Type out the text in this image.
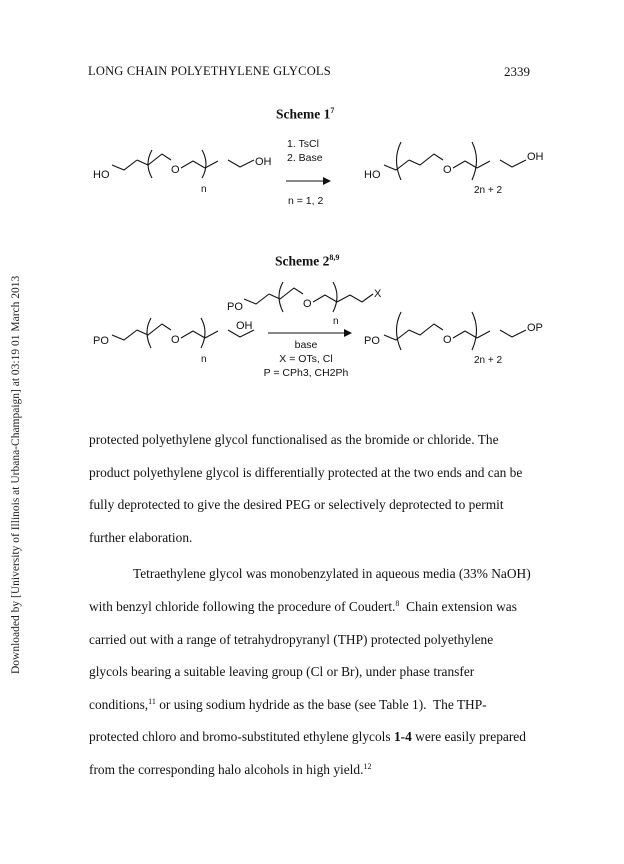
LONG CHAIN POLYETHYLENE GLYCOLS	2339
Downloaded by [University of Illinois at Urbana-Champaign] at 03:19 01 March 2013
Scheme $1^7$
HO	O
OH
n
1. TsCl
2. Base
n = 1, 2
HO	O
OH
2n + 2
Scheme 2$^{8,9}$
PO	O
X
n
PO	O
OH
n
base
X = OTs, Cl
P = CPh3, CH2Ph
PO	O
OP
2n + 2

protected polyethylene glycol functionalised as the bromide or chloride. The

product polyethylene glycol is differentially protected at the two ends and can be

fully deprotected to give the desired PEG or selectively deprotected to permit

further elaboration.

Tetraethylene glycol was monobenzylated in aqueous media (33% NaOH)

with benzyl chloride following the procedure of Coudert.$^8$  Chain extension was

carried out with a range of tetrahydropyranyl (THP) protected polyethylene

glycols bearing a suitable leaving group (Cl or Br), under phase transfer

conditions,$^{11}$ or using sodium hydride as the base (see Table 1).  The THP-

protected chloro and bromo-substituted ethylene glycols 1-4 were easily prepared

from the corresponding halo alcohols in high yield.$^{12}$
